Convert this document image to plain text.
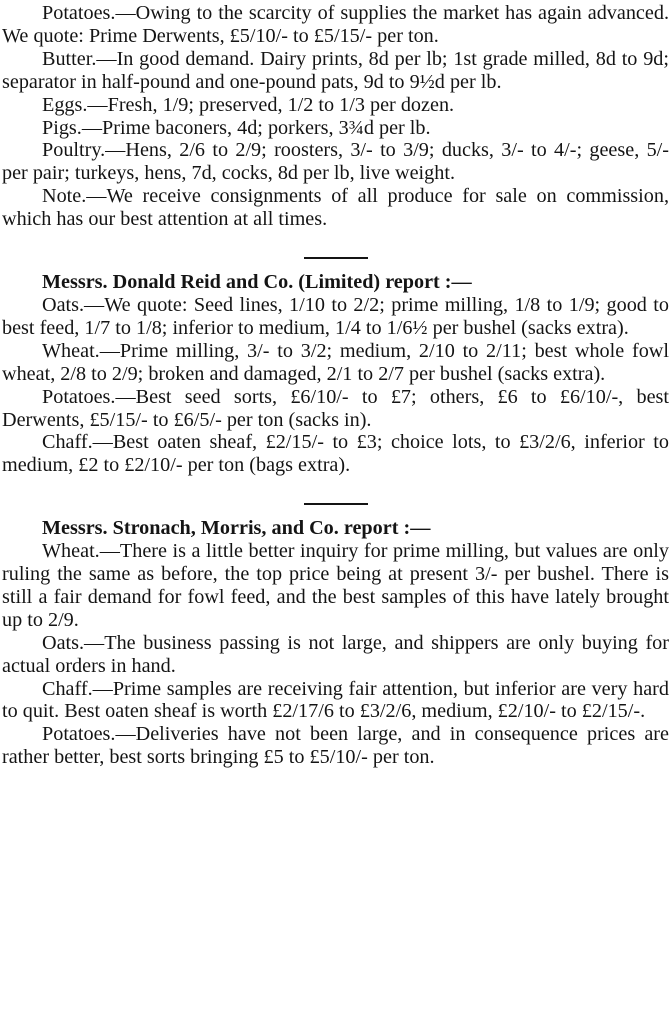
Potatoes.—Owing to the scarcity of supplies the market has again advanced. We quote: Prime Derwents, £5/10/- to £5/15/- per ton.

Butter.—In good demand. Dairy prints, 8d per lb; 1st grade milled, 8d to 9d; separator in half-pound and one-pound pats, 9d to 9½d per lb.

Eggs.—Fresh, 1/9; preserved, 1/2 to 1/3 per dozen.

Pigs.—Prime baconers, 4d; porkers, 3¾d per lb.

Poultry.—Hens, 2/6 to 2/9; roosters, 3/- to 3/9; ducks, 3/- to 4/-; geese, 5/- per pair; turkeys, hens, 7d, cocks, 8d per lb, live weight.

Note.—We receive consignments of all produce for sale on commission, which has our best attention at all times.

Messrs. Donald Reid and Co. (Limited) report :—

Oats.—We quote: Seed lines, 1/10 to 2/2; prime milling, 1/8 to 1/9; good to best feed, 1/7 to 1/8; inferior to medium, 1/4 to 1/6½ per bushel (sacks extra).

Wheat.—Prime milling, 3/- to 3/2; medium, 2/10 to 2/11; best whole fowl wheat, 2/8 to 2/9; broken and damaged, 2/1 to 2/7 per bushel (sacks extra).

Potatoes.—Best seed sorts, £6/10/- to £7; others, £6 to £6/10/-, best Derwents, £5/15/- to £6/5/- per ton (sacks in).

Chaff.—Best oaten sheaf, £2/15/- to £3; choice lots, to £3/2/6, inferior to medium, £2 to £2/10/- per ton (bags extra).

Messrs. Stronach, Morris, and Co. report :—

Wheat.—There is a little better inquiry for prime milling, but values are only ruling the same as before, the top price being at present 3/- per bushel. There is still a fair demand for fowl feed, and the best samples of this have lately brought up to 2/9.

Oats.—The business passing is not large, and shippers are only buying for actual orders in hand.

Chaff.—Prime samples are receiving fair attention, but inferior are very hard to quit. Best oaten sheaf is worth £2/17/6 to £3/2/6, medium, £2/10/- to £2/15/-.

Potatoes.—Deliveries have not been large, and in consequence prices are rather better, best sorts bringing £5 to £5/10/- per ton.
